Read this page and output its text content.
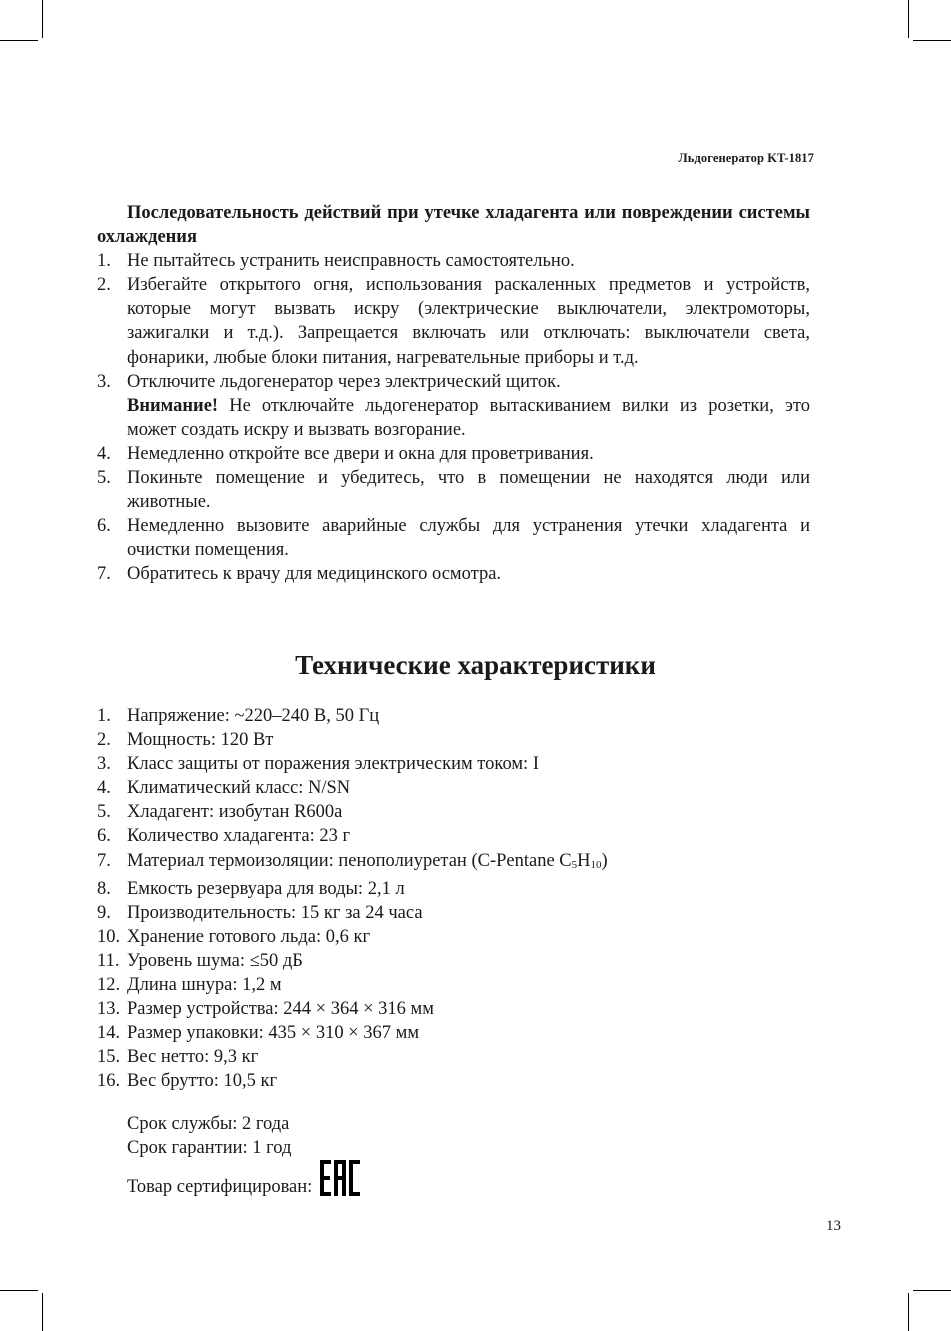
Льдогенератор KT-1817

Последовательность действий при утечке хладагента или повреждении системы охлаждения

1. Не пытайтесь устранить неисправность самостоятельно.
2. Избегайте открытого огня, использования раскаленных предметов и устройств, которые могут вызвать искру (электрические выключатели, электромоторы, зажигалки и т.д.). Запрещается включать или отключать: выключатели света, фонарики, любые блоки питания, нагревательные приборы и т.д.
3. Отключите льдогенератор через электрический щиток.
Внимание! Не отключайте льдогенератор вытаскиванием вилки из розетки, это может создать искру и вызвать возгорание.
4. Немедленно откройте все двери и окна для проветривания.
5. Покиньте помещение и убедитесь, что в помещении не находятся люди или животные.
6. Немедленно вызовите аварийные службы для устранения утечки хладагента и очистки помещения.
7. Обратитесь к врачу для медицинского осмотра.
Технические характеристики
1. Напряжение: ~220–240 В, 50 Гц
2. Мощность: 120 Вт
3. Класс защиты от поражения электрическим током: I
4. Климатический класс: N/SN
5. Хладагент: изобутан R600a
6. Количество хладагента: 23 г
7. Материал термоизоляции: пенополиуретан (C-Pentane $C_5H_{10}$)
8. Емкость резервуара для воды: 2,1 л
9. Производительность: 15 кг за 24 часа
10. Хранение готового льда: 0,6 кг
11. Уровень шума: ≤50 дБ
12. Длина шнура: 1,2 м
13. Размер устройства: 244 × 364 × 316 мм
14. Размер упаковки: 435 × 310 × 367 мм
15. Вес нетто: 9,3 кг
16. Вес брутто: 10,5 кг
Срок службы: 2 года
Срок гарантии: 1 год
Товар сертифицирован:
13
